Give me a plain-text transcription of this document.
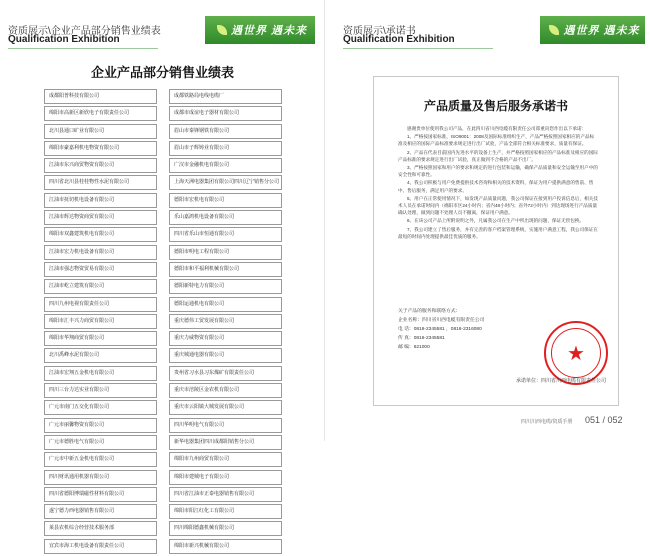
资质展示\企业产品部分销售业绩表
Qualification Exhibition
遇世界 遇未来
企业产品部分销售业绩表
成都阳普科技有限公司
绵阳市高新区新欣电子有限责任公司
北川县通口矿业有限公司
绵阳市豪嘉利机电物资有限公司
江油市东兴商贸物资有限公司
四川省北川县桂桂物性水泥有限公司
江油市抚切机电设备有限公司
江油市辉达物资商贸有限公司
绵阳市双鑫建筑机电有限公司
江油市宏力机电设备有限公司
江油市强志物资贸易有限公司
江油市屹立建筑有限公司
四川九州电视有限责任公司
绵阳市汇丰兴力商贸有限公司
绵阳市华翔商贸有限公司
北川禹峰水泥有限公司
江油市宏翔五金机电有限公司
四川三台力达实业有限公司
广元市南门五交化有限公司
广元市丽馨物资有限公司
广元市德胜电气有限公司
广元市中新五金机电有限公司
四川财讯通用机器有限公司
四川省德阳博瑞磁性材料有限公司
遂宁德力西电器销售有限公司
莱县农机综合经营技术服务部
宜宾市海工机电设备有限责任公司
成都铁路局电线电缆厂
成都市成谊电子器材有限公司
眉山市秦锋钢铁有限公司
眉山市子辉铸业有限公司
广汉市金融机电有限公司
上海天洲电器集团有限公司四川辽宁销售分公司
德阳市宏机电有限公司
乐山嘉鸿机电设备有限公司
四川省乐山市恒通有限公司
德阳市明电工程有限公司
德阳市和平福利机械有限公司
德阳新特电力有限公司
德阳运通机电有限公司
重庆德伟工贸发展有限公司
重庆力威物资有限公司
重庆城通电器有限公司
贵州省习水县习东煤矿有限责任公司
重庆市涪陵区金农机有限公司
重庆市云阳镇大城发展有限公司
四川华明电气有限公司
新华电器集团四川成都阳销售分公司
绵阳市九州商贸有限公司
绵阳市建城电子有限公司
四川省江油市正泰电器销售有限公司
绵阳市阳江红化工有限公司
四川绵阳德鑫机械有限公司
绵阳市新兴机械有限公司
资质展示\承诺书
Qualification Exhibition
遇世界 遇未来
产品质量及售后服务承诺书

感谢贵单位使用我公司产品，在此四川省川西电缆有限责任公司郑重向您作出以下承诺：

1、严格按国家标准，ISO9001：2008及国际标准组织生产，产品严格按照国家相应的产品标准及相应的国际产品标准要求规定进行出厂试验，产品全部符合相关标准要求，质量有保证。

2、产品在代表目前国内先进水平的设备上生产，并严格按照国家相应的产品标准及相应的国际产品标准的要求规定进行出厂试验，真正做到不合格的产品不出厂。

3、严格按照国家和用户的要求和规定的进行包装和运输，确保产品质量和安全运输至用户中的安全性和可靠性。

4、我公司积极与用户免费提供技术咨询和相关的技术资料，保证为用户提供满意的售前、售中、售后服务，满足用户的要求。

5、用户在正常使用情况下，如发现产品质量问题，我公司保证在接到用户投诉信息后，相关技术人员在承诺时间内（绵阳市区24小时内；省内48小时内；省外72小时内）到达现场进行产品质量确认处理，做到问题不处理人员不撤离，保证用户满意。

6、在该公司产品上所附说明之外，凡属我公司在生产中所出现的问题，保证无偿包换。

7、我公司建立了售后服务，并有完善的客户档案管理系统，实施用户满意工程，我公司保证在最短的时间内处理提供最佳优质的服务。

关于产品的服务和联络方式：
企业名称：四川省川西电缆有限责任公司
电 话：0816-2345581 ，0816-2316080
传 真：0816-2345581
邮 编：621000	★
承诺单位：四川省川西电缆有限责任公司
四川川西电缆/资质手册 051 / 052
